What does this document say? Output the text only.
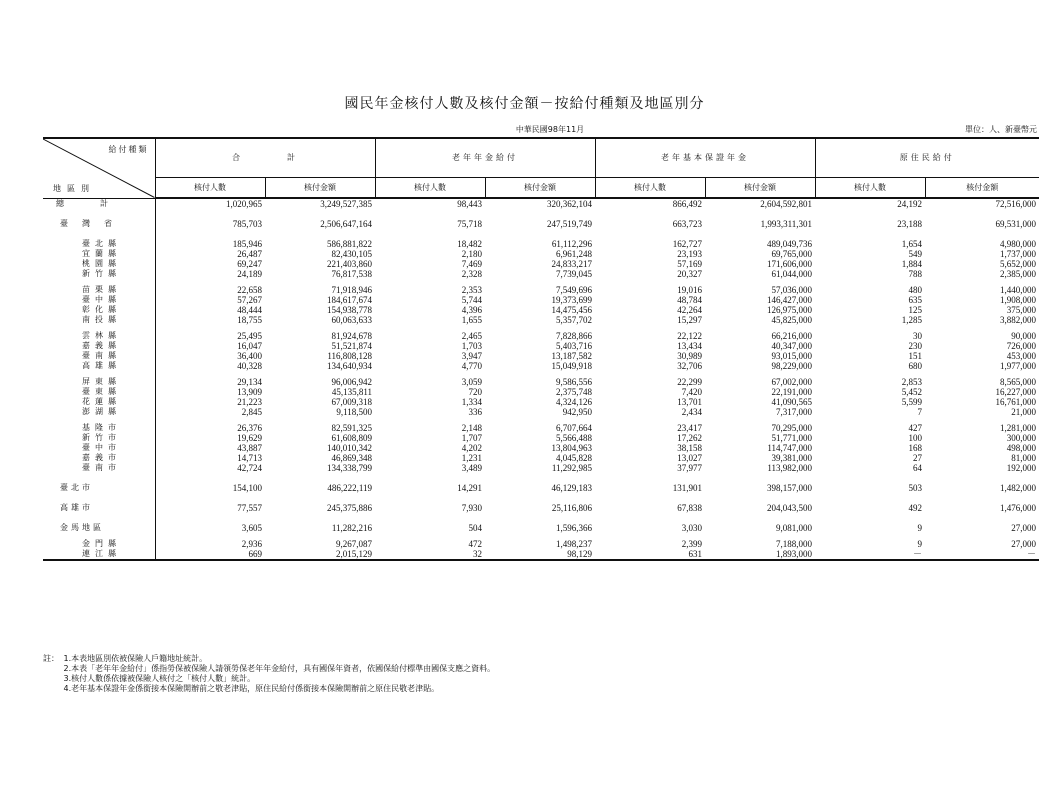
國民年金核付人數及核付金額－按給付種類及地區別分
中華民國98年11月	單位：人、新臺幣元
給付種類
地區別	合　　　　計		老年年金給付		老年基本保證年金		原住民給付	
	核付人數	核付金額	核付人數	核付金額	核付人數	核付金額	核付人數	核付金額
總　　　計	1,020,965	3,249,527,385	98,443	320,362,104	866,492	2,604,592,801	24,192	72,516,000

臺　灣　省	785,703	2,506,647,164	75,718	247,519,749	663,723	1,993,311,301	23,188	69,531,000

臺北縣	185,946	586,881,822	18,482	61,112,296	162,727	489,049,736	1,654	4,980,000
宜蘭縣	26,487	82,430,105	2,180	6,961,248	23,193	69,765,000	549	1,737,000
桃園縣	69,247	221,403,860	7,469	24,833,217	57,169	171,606,000	1,884	5,652,000
新竹縣	24,189	76,817,538	2,328	7,739,045	20,327	61,044,000	788	2,385,000

苗栗縣	22,658	71,918,946	2,353	7,549,696	19,016	57,036,000	480	1,440,000
臺中縣	57,267	184,617,674	5,744	19,373,699	48,784	146,427,000	635	1,908,000
彰化縣	48,444	154,938,778	4,396	14,475,456	42,264	126,975,000	125	375,000
南投縣	18,755	60,063,633	1,655	5,357,702	15,297	45,825,000	1,285	3,882,000

雲林縣	25,495	81,924,678	2,465	7,828,866	22,122	66,216,000	30	90,000
嘉義縣	16,047	51,521,874	1,703	5,403,716	13,434	40,347,000	230	726,000
臺南縣	36,400	116,808,128	3,947	13,187,582	30,989	93,015,000	151	453,000
高雄縣	40,328	134,640,934	4,770	15,049,918	32,706	98,229,000	680	1,977,000

屏東縣	29,134	96,006,942	3,059	9,586,556	22,299	67,002,000	2,853	8,565,000
臺東縣	13,909	45,135,811	720	2,375,748	7,420	22,191,000	5,452	16,227,000
花蓮縣	21,223	67,009,318	1,334	4,324,126	13,701	41,090,565	5,599	16,761,000
澎湖縣	2,845	9,118,500	336	942,950	2,434	7,317,000	7	21,000

基隆市	26,376	82,591,325	2,148	6,707,664	23,417	70,295,000	427	1,281,000
新竹市	19,629	61,608,809	1,707	5,566,488	17,262	51,771,000	100	300,000
臺中市	43,887	140,010,342	4,202	13,804,963	38,158	114,747,000	168	498,000
嘉義市	14,713	46,869,348	1,231	4,045,828	13,027	39,381,000	27	81,000
臺南市	42,724	134,338,799	3,489	11,292,985	37,977	113,982,000	64	192,000

臺北市	154,100	486,222,119	14,291	46,129,183	131,901	398,157,000	503	1,482,000

高雄市	77,557	245,375,886	7,930	25,116,806	67,838	204,043,500	492	1,476,000

金馬地區	3,605	11,282,216	504	1,596,366	3,030	9,081,000	9	27,000

金門縣	2,936	9,267,087	472	1,498,237	2,399	7,188,000	9	27,000
連江縣	669	2,015,129	32	98,129	631	1,893,000	－	－
註： 1.本表地區別依被保險人戶籍地址統計。
2.本表「老年年金給付」係指勞保被保險人請領勞保老年年金給付，具有國保年資者，依國保給付標準由國保支應之資料。
3.核付人數係依據被保險人核付之「核付人數」統計。
4.老年基本保證年金係銜接本保險開辦前之敬老津貼，原住民給付係銜接本保險開辦前之原住民敬老津貼。
